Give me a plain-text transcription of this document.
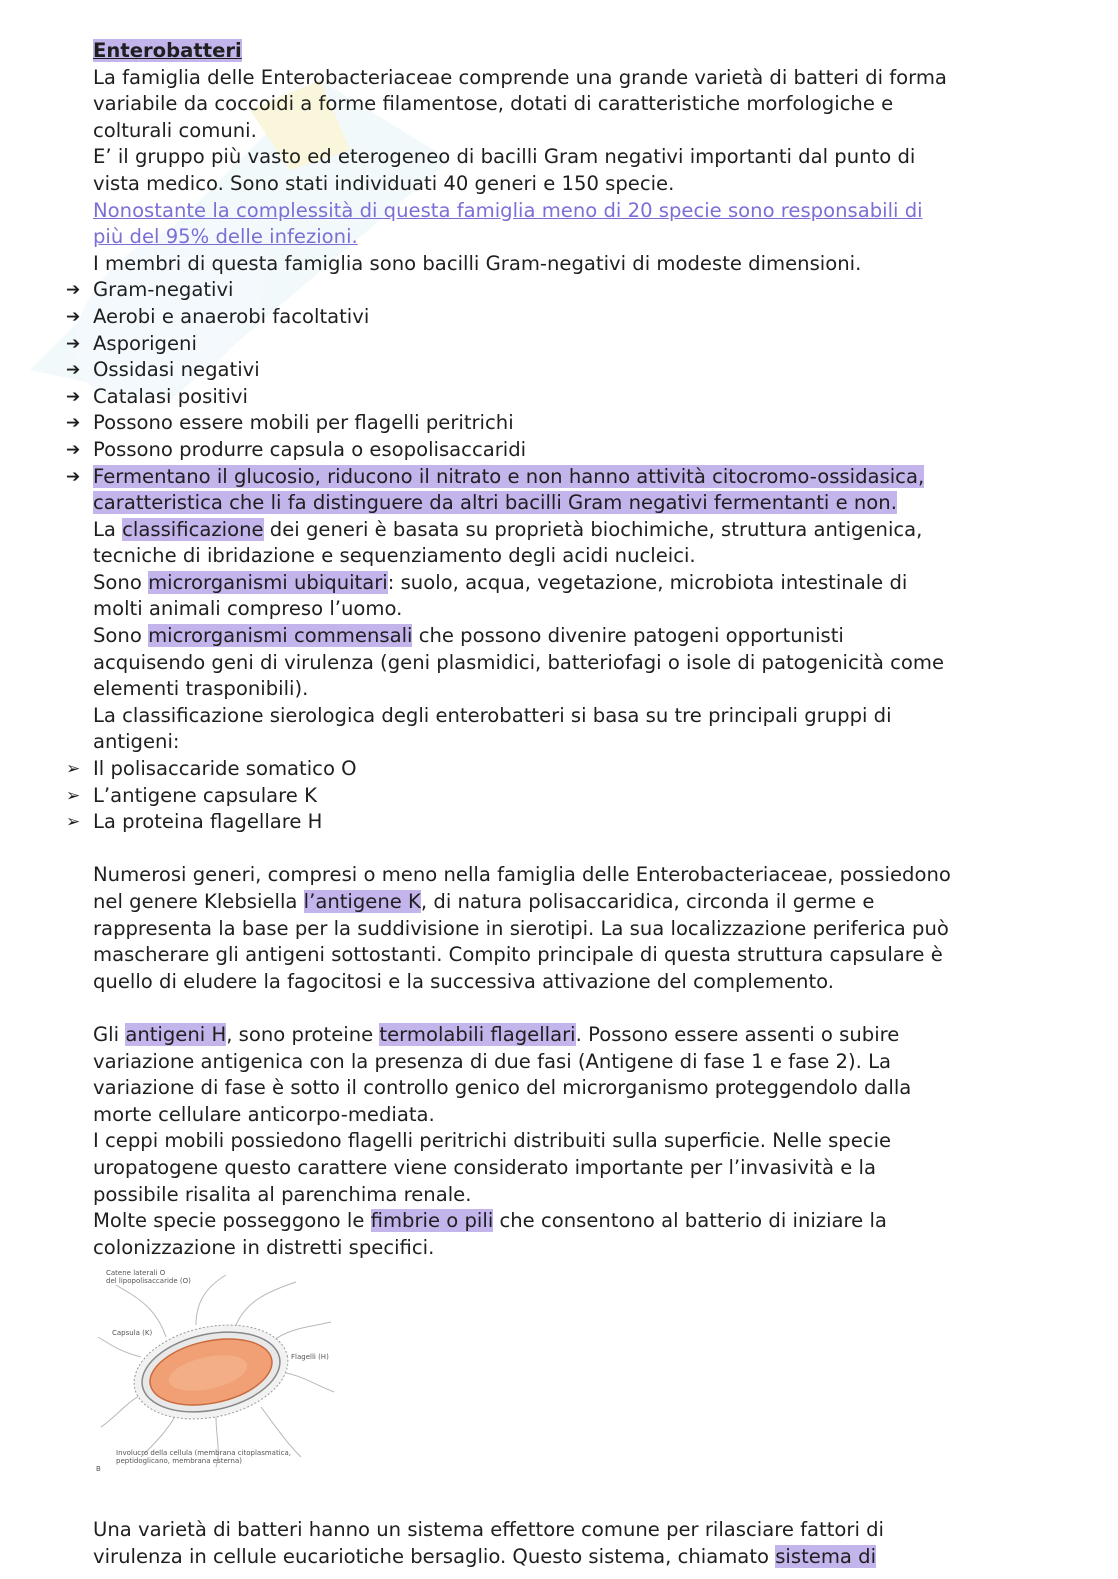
Enterobatteri
La famiglia delle Enterobacteriaceae comprende una grande varietà di batteri di forma
variabile da coccoidi a forme filamentose, dotati di caratteristiche morfologiche e
colturali comuni.
E’ il gruppo più vasto ed eterogeneo di bacilli Gram negativi importanti dal punto di
vista medico. Sono stati individuati 40 generi e 150 specie.
Nonostante la complessità di questa famiglia meno di 20 specie sono responsabili di
più del 95% delle infezioni.
I membri di questa famiglia sono bacilli Gram-negativi di modeste dimensioni.
➔ Gram-negativi
➔ Aerobi e anaerobi facoltativi
➔ Asporigeni
➔ Ossidasi negativi
➔ Catalasi positivi
➔ Possono essere mobili per flagelli peritrichi
➔ Possono produrre capsula o esopolisaccaridi
➔ Fermentano il glucosio, riducono il nitrato e non hanno attività citocromo-ossidasica,
caratteristica che li fa distinguere da altri bacilli Gram negativi fermentanti e non.
La classificazione dei generi è basata su proprietà biochimiche, struttura antigenica,
tecniche di ibridazione e sequenziamento degli acidi nucleici.
Sono microrganismi ubiquitari: suolo, acqua, vegetazione, microbiota intestinale di
molti animali compreso l’uomo.
Sono microrganismi commensali che possono divenire patogeni opportunisti
acquisendo geni di virulenza (geni plasmidici, batteriofagi o isole di patogenicità come
elementi trasponibili).
La classificazione sierologica degli enterobatteri si basa su tre principali gruppi di
antigeni:
➢ Il polisaccaride somatico O
➢ L’antigene capsulare K
➢ La proteina flagellare H
Numerosi generi, compresi o meno nella famiglia delle Enterobacteriaceae, possiedono
nel genere Klebsiella l’antigene K, di natura polisaccaridica, circonda il germe e
rappresenta la base per la suddivisione in sierotipi. La sua localizzazione periferica può
mascherare gli antigeni sottostanti. Compito principale di questa struttura capsulare è
quello di eludere la fagocitosi e la successiva attivazione del complemento.
Gli antigeni H, sono proteine termolabili flagellari. Possono essere assenti o subire
variazione antigenica con la presenza di due fasi (Antigene di fase 1 e fase 2). La
variazione di fase è sotto il controllo genico del microrganismo proteggendolo dalla
morte cellulare anticorpo-mediata.
I ceppi mobili possiedono flagelli peritrichi distribuiti sulla superficie. Nelle specie
uropatogene questo carattere viene considerato importante per l’invasività e la
possibile risalita al parenchima renale.
Molte specie posseggono le fimbrie o pili che consentono al batterio di iniziare la
colonizzazione in distretti specifici.
Catene laterali O
del lipopolisaccaride (O)
Capsula (K)
Flagelli (H)
Involucro della cellula (membrana citoplasmatica,
peptidoglicano, membrana esterna)
B
Una varietà di batteri hanno un sistema effettore comune per rilasciare fattori di
virulenza in cellule eucariotiche bersaglio. Questo sistema, chiamato sistema di
